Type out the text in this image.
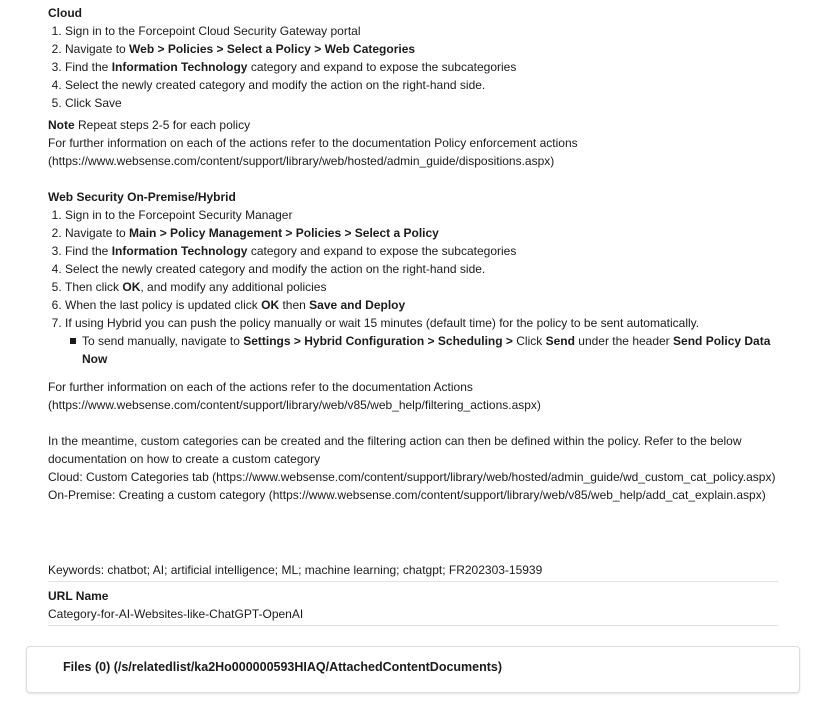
Cloud
1. Sign in to the Forcepoint Cloud Security Gateway portal
2. Navigate to Web > Policies > Select a Policy > Web Categories
3. Find the Information Technology category and expand to expose the subcategories
4. Select the newly created category and modify the action on the right-hand side.
5. Click Save
Note Repeat steps 2-5 for each policy
For further information on each of the actions refer to the documentation Policy enforcement actions
(https://www.websense.com/content/support/library/web/hosted/admin_guide/dispositions.aspx)
Web Security On-Premise/Hybrid
1. Sign in to the Forcepoint Security Manager
2. Navigate to Main > Policy Management > Policies > Select a Policy
3. Find the Information Technology category and expand to expose the subcategories
4. Select the newly created category and modify the action on the right-hand side.
5. Then click OK, and modify any additional policies
6. When the last policy is updated click OK then Save and Deploy
7. If using Hybrid you can push the policy manually or wait 15 minutes (default time) for the policy to be sent automatically.
To send manually, navigate to Settings > Hybrid Configuration > Scheduling > Click Send under the header Send Policy Data Now
For further information on each of the actions refer to the documentation Actions
(https://www.websense.com/content/support/library/web/v85/web_help/filtering_actions.aspx)
In the meantime, custom categories can be created and the filtering action can then be defined within the policy. Refer to the below documentation on how to create a custom category
Cloud: Custom Categories tab (https://www.websense.com/content/support/library/web/hosted/admin_guide/wd_custom_cat_policy.aspx)
On-Premise: Creating a custom category (https://www.websense.com/content/support/library/web/v85/web_help/add_cat_explain.aspx)
Keywords: chatbot; AI; artificial intelligence; ML; machine learning; chatgpt; FR202303-15939
URL Name
Category-for-AI-Websites-like-ChatGPT-OpenAI
Files (0) (/s/relatedlist/ka2Ho000000593HIAQ/AttachedContentDocuments)
